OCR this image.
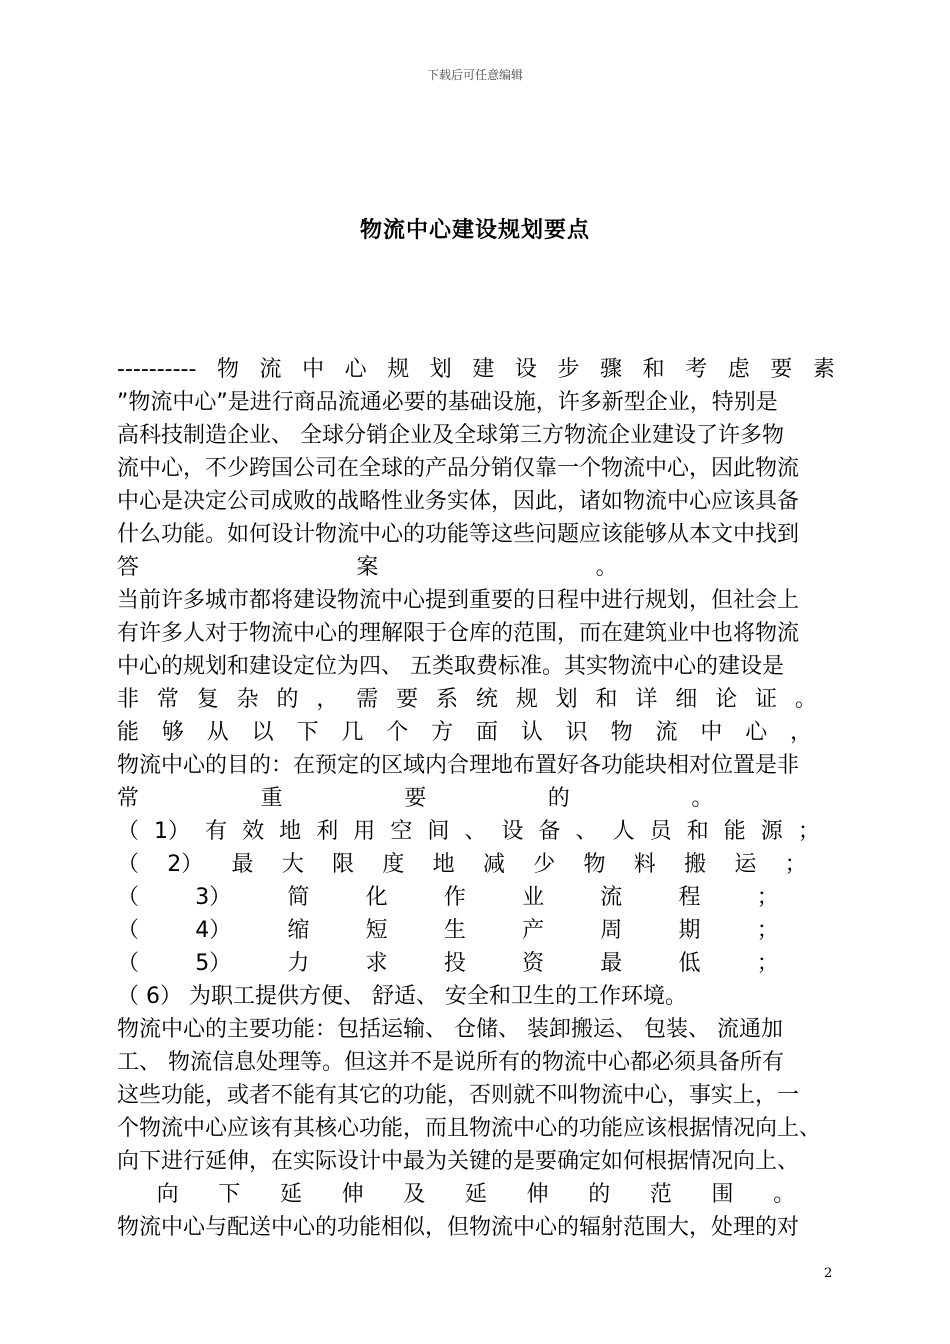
下载后可任意编辑
物流中心建设规划要点
---------- 物 流 中 心 规 划 建 设 步 骤 和 考 虑 要 素
”物流中心”是进行商品流通必要的基础设施，许多新型企业，特别是
高科技制造企业、 全球分销企业及全球第三方物流企业建设了许多物
流中心，不少跨国公司在全球的产品分销仅靠一个物流中心，因此物流
中心是决定公司成败的战略性业务实体，因此，诸如物流中心应该具备
什么功能。如何设计物流中心的功能等这些问题应该能够从本文中找到
答	案	。
当前许多城市都将建设物流中心提到重要的日程中进行规划，但社会上
有许多人对于物流中心的理解限于仓库的范围，而在建筑业中也将物流
中心的规划和建设定位为四、 五类取费标准。其实物流中心的建设是
非 常 复 杂 的 ， 需 要 系 统 规 划 和 详 细 论 证 。
能 够 从 以 下 几 个 方 面 认 识 物 流 中 心 ，
物流中心的目的：在预定的区域内合理地布置好各功能块相对位置是非
常	重	要	的	。
（ 1） 有 效 地 利 用 空 间 、 设 备 、 人 员 和 能 源 ；
（ 2） 最 大 限 度 地 减 少 物 料 搬 运 ；
（	3）	简	化	作	业	流	程	；
（	4）	缩	短	生	产	周	期	；
（	5）	力	求	投	资	最	低	；
（ 6） 为职工提供方便、 舒适、 安全和卫生的工作环境。
物流中心的主要功能：包括运输、 仓储、 装卸搬运、 包装、 流通加
工、 物流信息处理等。但这并不是说所有的物流中心都必须具备所有
这些功能，或者不能有其它的功能，否则就不叫物流中心，事实上，一
个物流中心应该有其核心功能，而且物流中心的功能应该根据情况向上、
向下进行延伸，在实际设计中最为关键的是要确定如何根据情况向上、
向 下 延 伸 及 延 伸 的 范 围 。
物流中心与配送中心的功能相似，但物流中心的辐射范围大，处理的对
2
